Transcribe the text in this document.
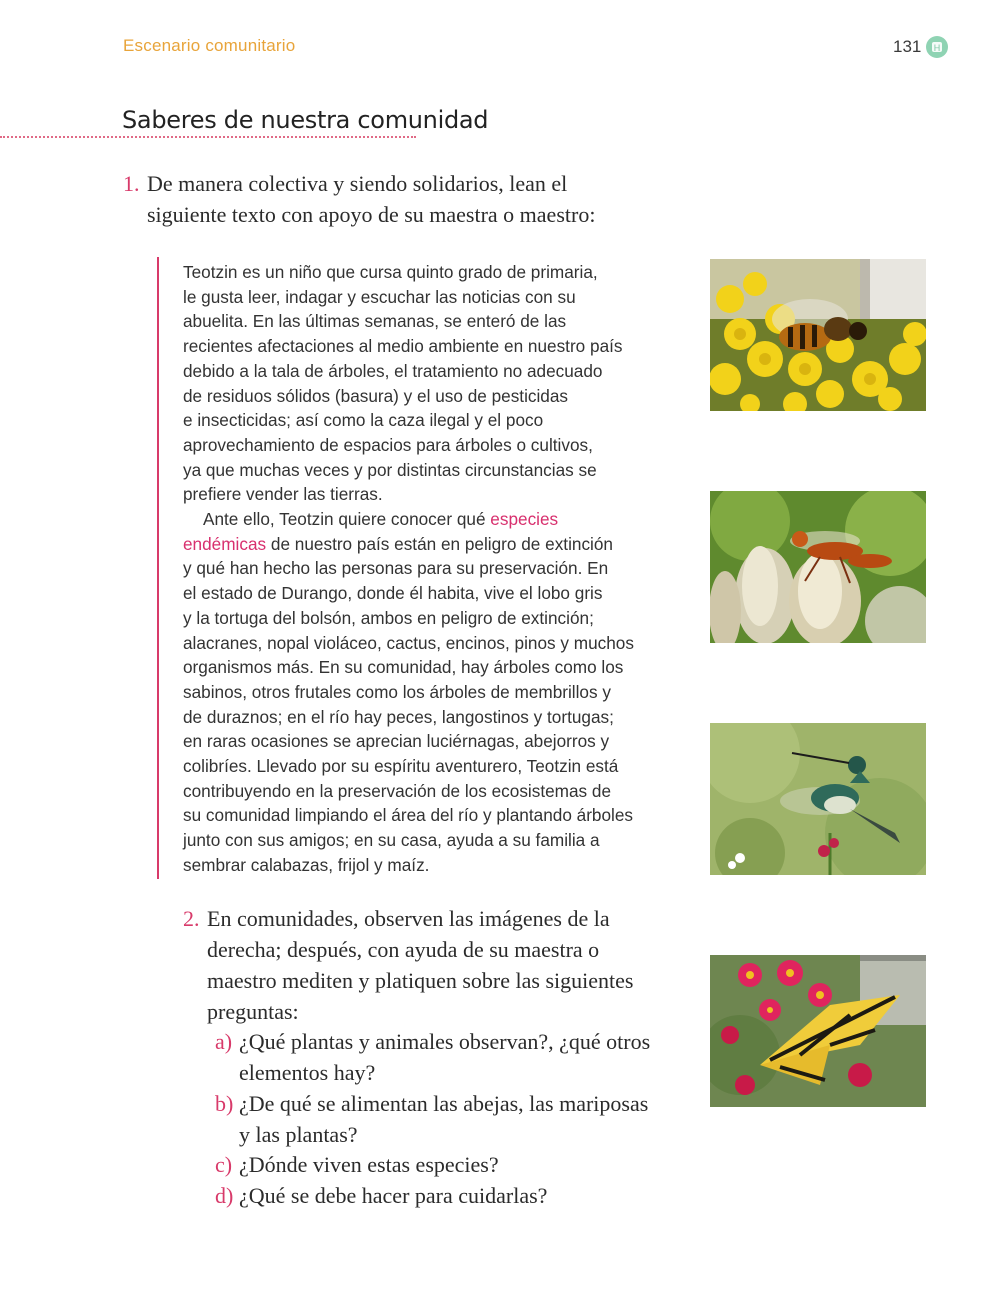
Escenario comunitario	131 H
Saberes de nuestra comunidad
1. De manera colectiva y siendo solidarios, lean el
siguiente texto con apoyo de su maestra o maestro:
Teotzin es un niño que cursa quinto grado de primaria,
le gusta leer, indagar y escuchar las noticias con su
abuelita. En las últimas semanas, se enteró de las
recientes afectaciones al medio ambiente en nuestro país
debido a la tala de árboles, el tratamiento no adecuado
de residuos sólidos (basura) y el uso de pesticidas
e insecticidas; así como la caza ilegal y el poco
aprovechamiento de espacios para árboles o cultivos,
ya que muchas veces y por distintas circunstancias se
prefiere vender las tierras.
Ante ello, Teotzin quiere conocer qué especies
endémicas de nuestro país están en peligro de extinción
y qué han hecho las personas para su preservación. En
el estado de Durango, donde él habita, vive el lobo gris
y la tortuga del bolsón, ambos en peligro de extinción;
alacranes, nopal violáceo, cactus, encinos, pinos y muchos
organismos más. En su comunidad, hay árboles como los
sabinos, otros frutales como los árboles de membrillos y
de duraznos; en el río hay peces, langostinos y tortugas;
en raras ocasiones se aprecian luciérnagas, abejorros y
colibríes. Llevado por su espíritu aventurero, Teotzin está
contribuyendo en la preservación de los ecosistemas de
su comunidad limpiando el área del río y plantando árboles
junto con sus amigos; en su casa, ayuda a su familia a
sembrar calabazas, frijol y maíz.
2. En comunidades, observen las imágenes de la
derecha; después, con ayuda de su maestra o
maestro mediten y platiquen sobre las siguientes
preguntas:
a) ¿Qué plantas y animales observan?, ¿qué otros
elementos hay?
b) ¿De qué se alimentan las abejas, las mariposas
y las plantas?
c) ¿Dónde viven estas especies?
d) ¿Qué se debe hacer para cuidarlas?
